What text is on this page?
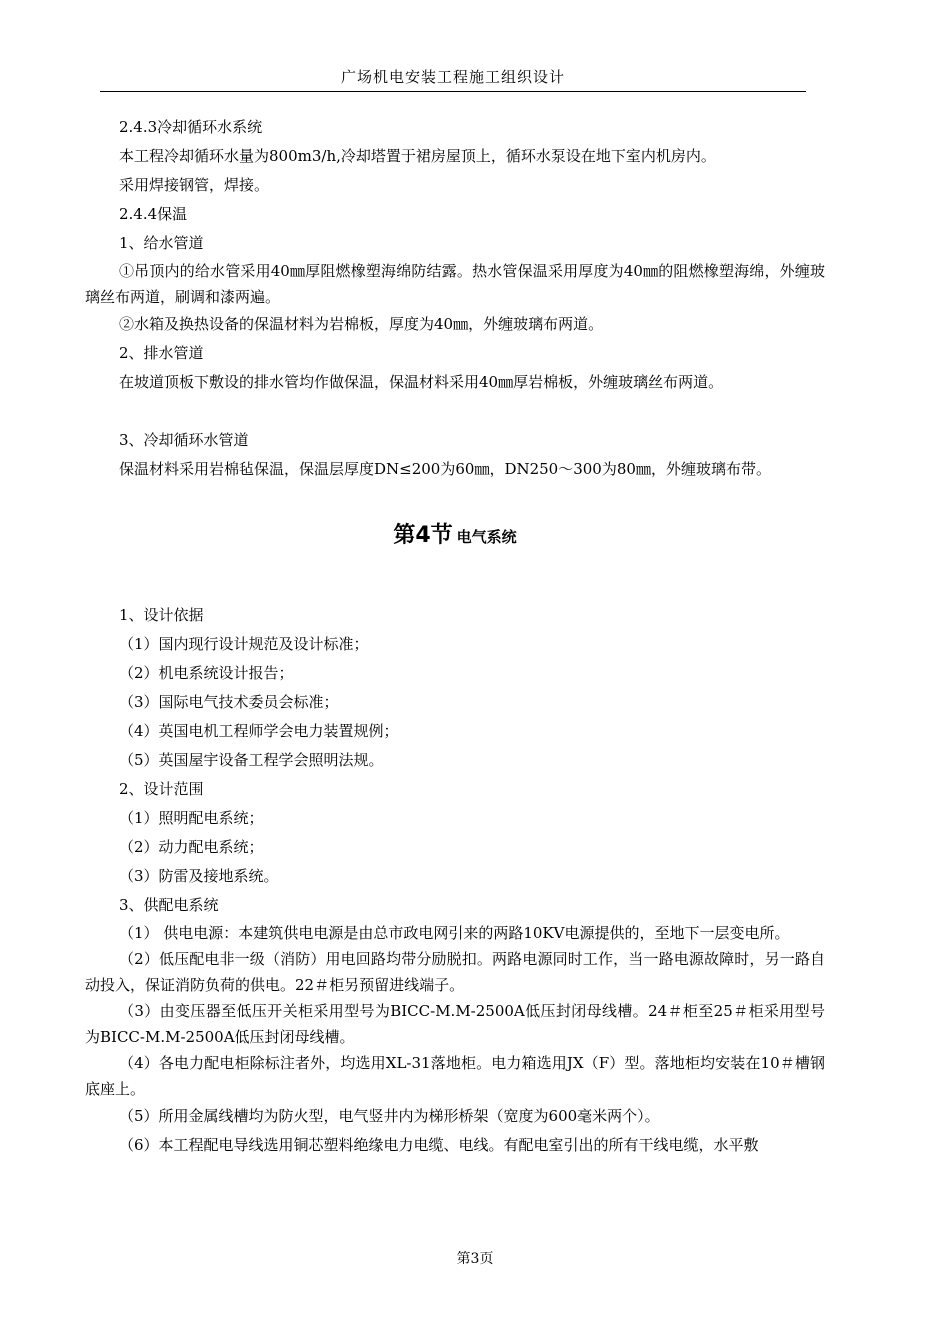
广场机电安装工程施工组织设计

2.4.3冷却循环水系统

本工程冷却循环水量为800m3/h,冷却塔置于裙房屋顶上，循环水泵设在地下室内机房内。

采用焊接钢管，焊接。

2.4.4保温

1、给水管道

①吊顶内的给水管采用40㎜厚阻燃橡塑海绵防结露。热水管保温采用厚度为40㎜的阻燃橡塑海绵，外缠玻璃丝布两道，刷调和漆两遍。

②水箱及换热设备的保温材料为岩棉板，厚度为40㎜，外缠玻璃布两道。

2、排水管道

在坡道顶板下敷设的排水管均作做保温，保温材料采用40㎜厚岩棉板，外缠玻璃丝布两道。

3、冷却循环水管道

保温材料采用岩棉毡保温，保温层厚度DN≤200为60㎜，DN250～300为80㎜，外缠玻璃布带。

第4节 电气系统

1、设计依据

（1）国内现行设计规范及设计标准；

（2）机电系统设计报告；

（3）国际电气技术委员会标准；

（4）英国电机工程师学会电力装置规例；

（5）英国屋宇设备工程学会照明法规。

2、设计范围

（1）照明配电系统；

（2）动力配电系统；

（3）防雷及接地系统。

3、供配电系统

（1） 供电电源：本建筑供电电源是由总市政电网引来的两路10KV电源提供的，至地下一层变电所。

（2）低压配电非一级（消防）用电回路均带分励脱扣。两路电源同时工作，当一路电源故障时，另一路自动投入，保证消防负荷的供电。22＃柜另预留进线端子。

（3）由变压器至低压开关柜采用型号为BICC-M.M-2500A低压封闭母线槽。24＃柜至25＃柜采用型号为BICC-M.M-2500A低压封闭母线槽。

（4）各电力配电柜除标注者外，均选用XL-31落地柜。电力箱选用JX（F）型。落地柜均安装在10＃槽钢底座上。

（5）所用金属线槽均为防火型，电气竖井内为梯形桥架（宽度为600毫米两个）。

（6）本工程配电导线选用铜芯塑料绝缘电力电缆、电线。有配电室引出的所有干线电缆，水平敷

第3页
